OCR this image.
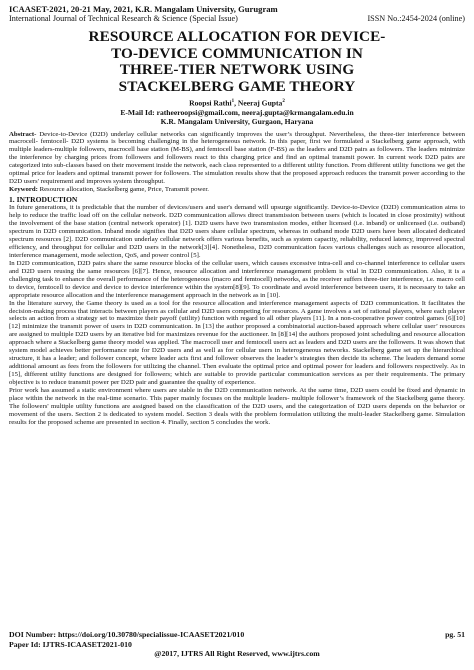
ICAASET-2021, 20-21 May, 2021, K.R. Mangalam University, Gurugram
International Journal of Technical Research & Science (Special Issue)	ISSN No.:2454-2024 (online)
RESOURCE ALLOCATION FOR DEVICE-
TO-DEVICE COMMUNICATION IN
THREE-TIER NETWORK USING
STACKELBERG GAME THEORY
Roopsi Rathi$^1$, Neeraj Gupta$^2$
E-Mail Id: ratheeroopsi@gmail.com, neeraj.gupta@krmangalam.edu.in
K.R. Mangalam University, Gurgaon, Haryana

Abstract- Device-to-Device (D2D) underlay cellular networks can significantly improves the user’s throughput. Nevertheless, the three-tier interference between macrocell- femtocell- D2D systems is becoming challenging in the heterogeneous network. In this paper, first we formulated a Stackelberg game approach, with multiple leaders-multiple followers, macrocell base station (M-BS), and femtocell base station (F-BS) as the leaders and D2D pairs as followers. The leaders minimize the interference by charging prices from followers and followers react to this charging price and find an optimal transmit power. In current work D2D pairs are categorized into sub-classes based on their movement inside the network, each class represented to a different utility function. From different utility functions we get the optimal price for leaders and optimal transmit power for followers. The simulation results show that the proposed approach reduces the transmit power according to the D2D users' requirement and improves system throughput.

Keyword: Resource allocation, Stackelberg game, Price, Transmit power.

1. INTRODUCTION

In future generations, it is predictable that the number of devices/users and user's demand will upsurge significantly. Device-to-Device (D2D) communication aims to help to reduce the traffic load off on the cellular network. D2D communication allows direct transmission between users (which is located in close proximity) without the involvement of the base station (central network operator) [1]. D2D users have two transmission modes, either licensed (i.e. inband) or unlicensed (i.e. outband) spectrum in D2D communication. Inband mode signifies that D2D users share cellular spectrum, whereas in outband mode D2D users have been allocated dedicated spectrum resources [2]. D2D communication underlay cellular network offers various benefits, such as system capacity, reliability, reduced latency, improved spectral efficiency, and throughput for cellular and D2D users in the network[3][4]. Nonetheless, D2D communication faces various challenges such as resource allocation, interference management, mode selection, QoS, and power control [5].

In D2D communication, D2D pairs share the same resource blocks of the cellular users, which causes excessive intra-cell and co-channel interference to cellular users and D2D users reusing the same resources [6][7]. Hence, resource allocation and interference management problem is vital in D2D communication. Also, it is a challenging task to enhance the overall performance of the heterogeneous (macro and femtocell) networks, as the receiver suffers three-tier interference, i.e. macro cell to device, femtocell to device and device to device interference within the system[8][9]. To coordinate and avoid interference between users, it is necessary to take an appropriate resource allocation and the interference management approach in the network as in [10].

In the literature survey, the Game theory is used as a tool for the resource allocation and interference management aspects of D2D communication. It facilitates the decision-making process that interacts between players as cellular and D2D users competing for resources. A game involves a set of rational players, where each player selects an action from a strategy set to maximize their payoff (utility) function with regard to all other players [11]. In a non-cooperative power control games [6][10][12] minimize the transmit power of users in D2D communication. In [13] the author proposed a combinatorial auction-based approach where cellular user’ resources are assigned to multiple D2D users by an iterative bid for maximizes revenue for the auctioneer. In [8][14] the authors proposed joint scheduling and resource allocation approach where a Stackelberg game theory model was applied. The macrocell user and femtocell users act as leaders and D2D users are the followers. It was shown that system model achieves better performance rate for D2D users and as well as for cellular users in heterogeneous networks. Stackelberg game set up the hierarchical structure, it has a leader; and follower concept, where leader acts first and follower observes the leader’s strategies then decide its scheme. The leaders demand some additional amount as fees from the followers for utilizing the channel. Then evaluate the optimal price and optimal power for leaders and followers respectively. As in [15], different utility functions are designed for followers; which are suitable to provide particular communication services as per their requirements. The primary objective is to reduce transmit power per D2D pair and guarantee the quality of experience.

Prior work has assumed a static environment where users are stable in the D2D communication network. At the same time, D2D users could be fixed and dynamic in place within the network in the real-time scenario. This paper mainly focuses on the multiple leaders- multiple follower’s framework of the Stackelberg game theory. The followers' multiple utility functions are assigned based on the classification of the D2D users, and the categorization of D2D users depends on the behavior or movement of the users. Section 2 is dedicated to system model. Section 3 deals with the problem formulation utilizing the multi-leader Stackelberg game. Simulation results for the proposed scheme are presented in section 4. Finally, section 5 concludes the work.

DOI Number: https://doi.org/10.30780/specialissue-ICAASET2021/010	pg. 51
Paper Id: IJTRS-ICAASET2021-010
@2017, IJTRS All Right Reserved, www.ijtrs.com
